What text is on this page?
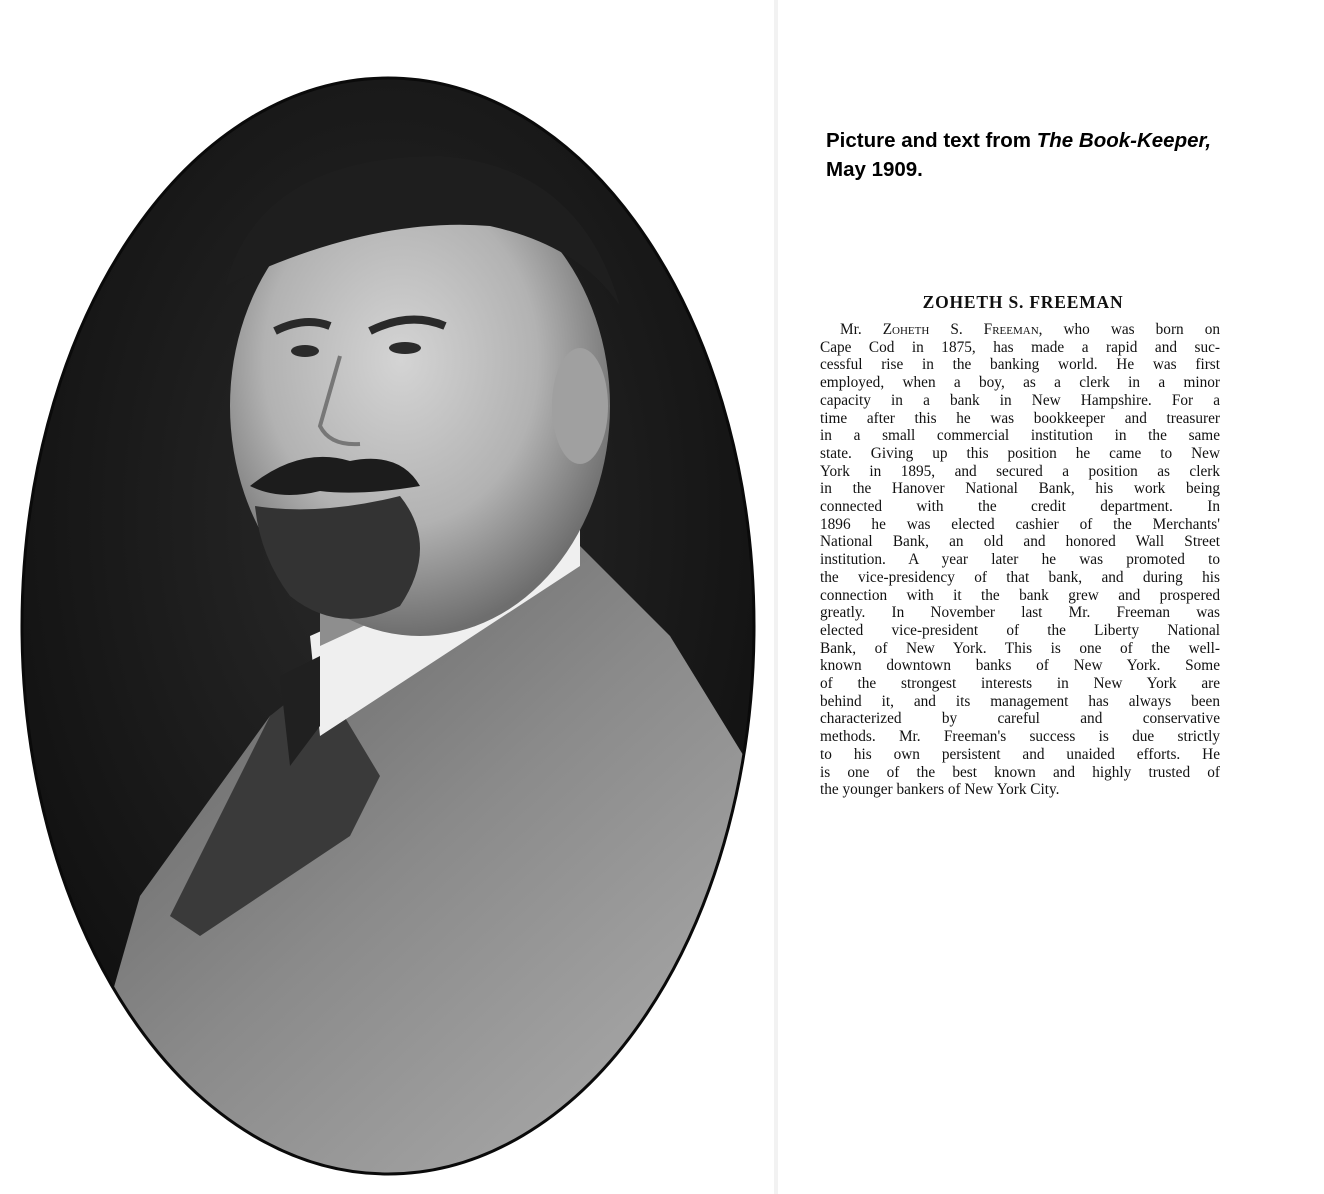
Picture and text from The Book-Keeper,
May 1909.
ZOHETH S. FREEMAN
Mr. Zoheth S. Freeman, who was born on
Cape Cod in 1875, has made a rapid and suc-
cessful rise in the banking world. He was first
employed, when a boy, as a clerk in a minor
capacity in a bank in New Hampshire. For a
time after this he was bookkeeper and treasurer
in a small commercial institution in the same
state. Giving up this position he came to New
York in 1895, and secured a position as clerk
in the Hanover National Bank, his work being
connected with the credit department. In
1896 he was elected cashier of the Merchants'
National Bank, an old and honored Wall Street
institution. A year later he was promoted to
the vice-presidency of that bank, and during his
connection with it the bank grew and prospered
greatly. In November last Mr. Freeman was
elected vice-president of the Liberty National
Bank, of New York. This is one of the well-
known downtown banks of New York. Some
of the strongest interests in New York are
behind it, and its management has always been
characterized by careful and conservative
methods. Mr. Freeman's success is due strictly
to his own persistent and unaided efforts. He
is one of the best known and highly trusted of
the younger bankers of New York City.
